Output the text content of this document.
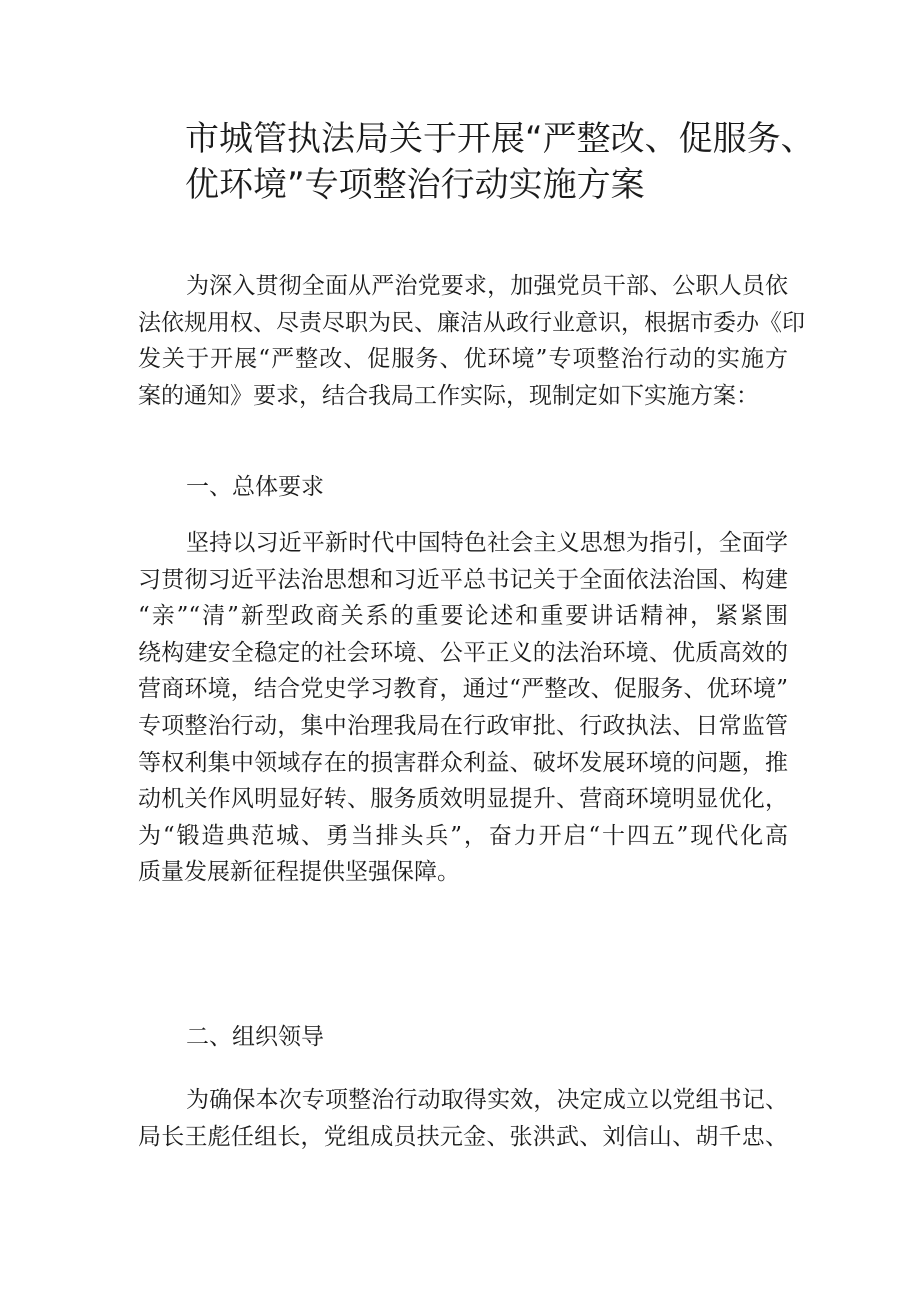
市城管执法局关于开展“严整改、促服务、
优环境”专项整治行动实施方案
为深入贯彻全面从严治党要求，加强党员干部、公职人员依
法依规用权、尽责尽职为民、廉洁从政行业意识，根据市委办《印
发关于开展“严整改、促服务、优环境”专项整治行动的实施方
案的通知》要求，结合我局工作实际，现制定如下实施方案：
一、总体要求
坚持以习近平新时代中国特色社会主义思想为指引，全面学
习贯彻习近平法治思想和习近平总书记关于全面依法治国、构建
“亲”“清”新型政商关系的重要论述和重要讲话精神，紧紧围
绕构建安全稳定的社会环境、公平正义的法治环境、优质高效的
营商环境，结合党史学习教育，通过“严整改、促服务、优环境”
专项整治行动，集中治理我局在行政审批、行政执法、日常监管
等权利集中领域存在的损害群众利益、破坏发展环境的问题，推
动机关作风明显好转、服务质效明显提升、营商环境明显优化，
为“锻造典范城、勇当排头兵”，奋力开启“十四五”现代化高
质量发展新征程提供坚强保障。
二、组织领导
为确保本次专项整治行动取得实效，决定成立以党组书记、
局长王彪任组长，党组成员扶元金、张洪武、刘信山、胡千忠、
